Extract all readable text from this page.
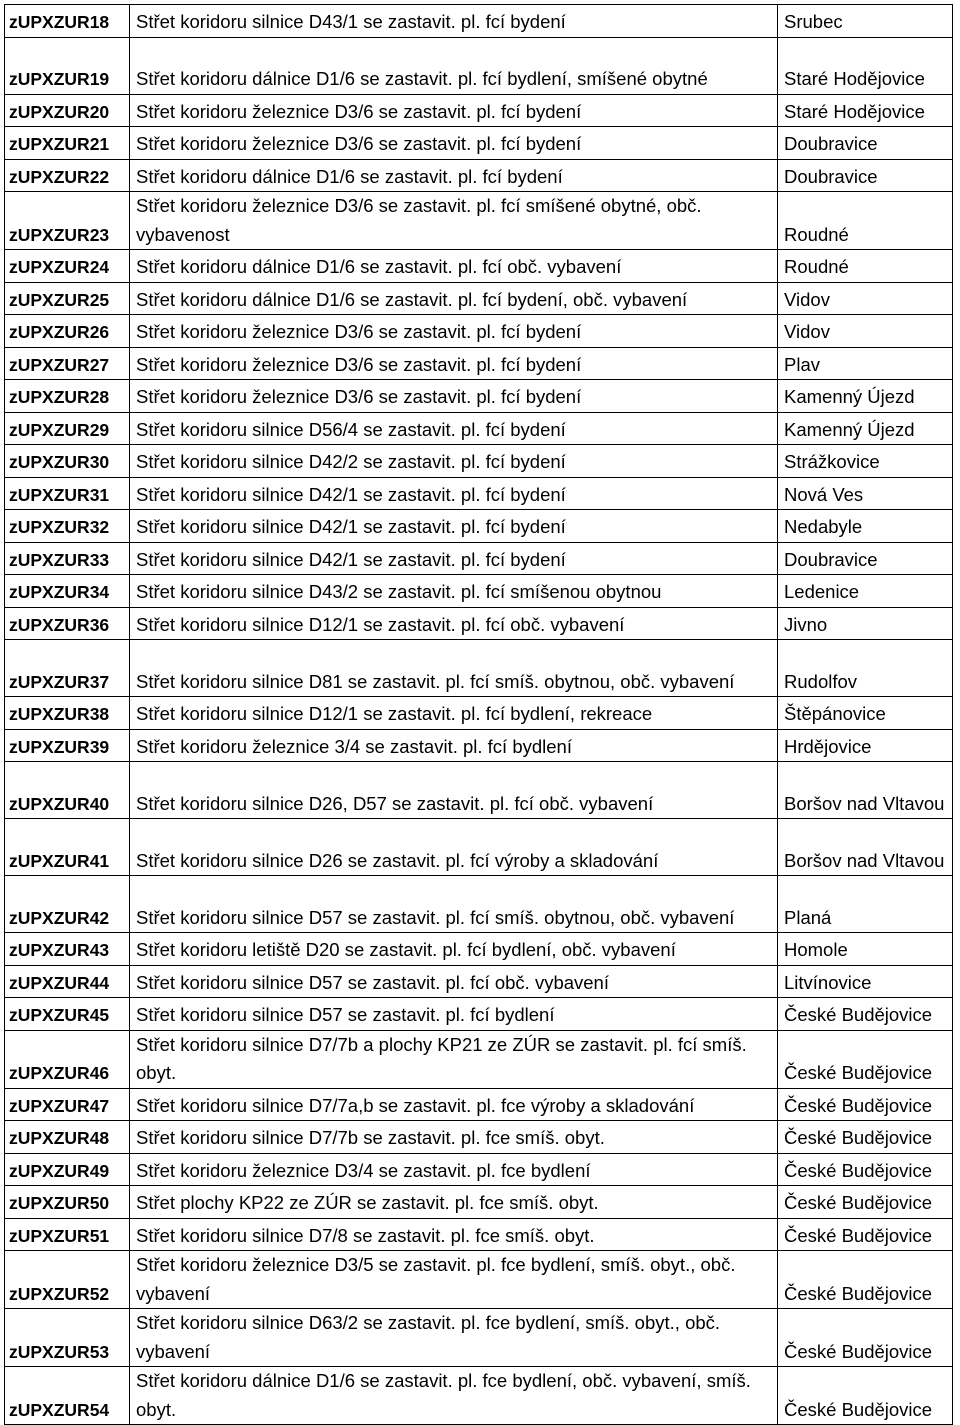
zUPXZUR18	Střet koridoru silnice D43/1 se zastavit. pl. fcí bydení	Srubec
zUPXZUR19	Střet koridoru dálnice D1/6 se zastavit. pl. fcí bydlení, smíšené obytné	Staré Hodějovice
zUPXZUR20	Střet koridoru železnice D3/6 se zastavit. pl. fcí bydení	Staré Hodějovice
zUPXZUR21	Střet koridoru železnice D3/6 se zastavit. pl. fcí bydení	Doubravice
zUPXZUR22	Střet koridoru dálnice D1/6 se zastavit. pl. fcí bydení	Doubravice
zUPXZUR23	Střet koridoru železnice D3/6 se zastavit. pl. fcí smíšené obytné, obč. vybavenost	Roudné
zUPXZUR24	Střet koridoru dálnice D1/6 se zastavit. pl. fcí obč. vybavení	Roudné
zUPXZUR25	Střet koridoru dálnice D1/6 se zastavit. pl. fcí bydení, obč. vybavení	Vidov
zUPXZUR26	Střet koridoru železnice D3/6 se zastavit. pl. fcí bydení	Vidov
zUPXZUR27	Střet koridoru železnice D3/6 se zastavit. pl. fcí bydení	Plav
zUPXZUR28	Střet koridoru železnice D3/6 se zastavit. pl. fcí bydení	Kamenný Újezd
zUPXZUR29	Střet koridoru silnice D56/4 se zastavit. pl. fcí bydení	Kamenný Újezd
zUPXZUR30	Střet koridoru silnice D42/2 se zastavit. pl. fcí bydení	Strážkovice
zUPXZUR31	Střet koridoru silnice D42/1 se zastavit. pl. fcí bydení	Nová Ves
zUPXZUR32	Střet koridoru silnice D42/1 se zastavit. pl. fcí bydení	Nedabyle
zUPXZUR33	Střet koridoru silnice D42/1 se zastavit. pl. fcí bydení	Doubravice
zUPXZUR34	Střet koridoru silnice D43/2 se zastavit. pl. fcí smíšenou obytnou	Ledenice
zUPXZUR36	Střet koridoru silnice D12/1 se zastavit. pl. fcí obč. vybavení	Jivno
zUPXZUR37	Střet koridoru silnice D81 se zastavit. pl. fcí smíš. obytnou, obč. vybavení	Rudolfov
zUPXZUR38	Střet koridoru silnice D12/1 se zastavit. pl. fcí bydlení, rekreace	Štěpánovice
zUPXZUR39	Střet koridoru železnice 3/4 se zastavit. pl. fcí bydlení	Hrdějovice
zUPXZUR40	Střet koridoru silnice D26, D57 se zastavit. pl. fcí obč. vybavení	Boršov nad Vltavou
zUPXZUR41	Střet koridoru silnice D26 se zastavit. pl. fcí výroby a skladování	Boršov nad Vltavou
zUPXZUR42	Střet koridoru silnice D57 se zastavit. pl. fcí smíš. obytnou, obč. vybavení	Planá
zUPXZUR43	Střet koridoru letiště D20 se zastavit. pl. fcí bydlení, obč. vybavení	Homole
zUPXZUR44	Střet koridoru silnice D57 se zastavit. pl. fcí obč. vybavení	Litvínovice
zUPXZUR45	Střet koridoru silnice D57 se zastavit. pl. fcí bydlení	České Budějovice
zUPXZUR46	Střet koridoru silnice D7/7b a plochy KP21 ze ZÚR se zastavit. pl. fcí smíš. obyt.	České Budějovice
zUPXZUR47	Střet koridoru silnice D7/7a,b se zastavit. pl. fce výroby a skladování	České Budějovice
zUPXZUR48	Střet koridoru silnice D7/7b se zastavit. pl. fce smíš. obyt.	České Budějovice
zUPXZUR49	Střet koridoru železnice D3/4 se zastavit. pl. fce bydlení	České Budějovice
zUPXZUR50	Střet plochy KP22 ze ZÚR se zastavit. pl. fce smíš. obyt.	České Budějovice
zUPXZUR51	Střet koridoru silnice D7/8 se zastavit. pl. fce smíš. obyt.	České Budějovice
zUPXZUR52	Střet koridoru železnice D3/5 se zastavit. pl. fce bydlení, smíš. obyt., obč. vybavení	České Budějovice
zUPXZUR53	Střet koridoru silnice D63/2 se zastavit. pl. fce bydlení, smíš. obyt., obč. vybavení	České Budějovice
zUPXZUR54	Střet koridoru dálnice D1/6 se zastavit. pl. fce bydlení, obč. vybavení, smíš. obyt.	České Budějovice
